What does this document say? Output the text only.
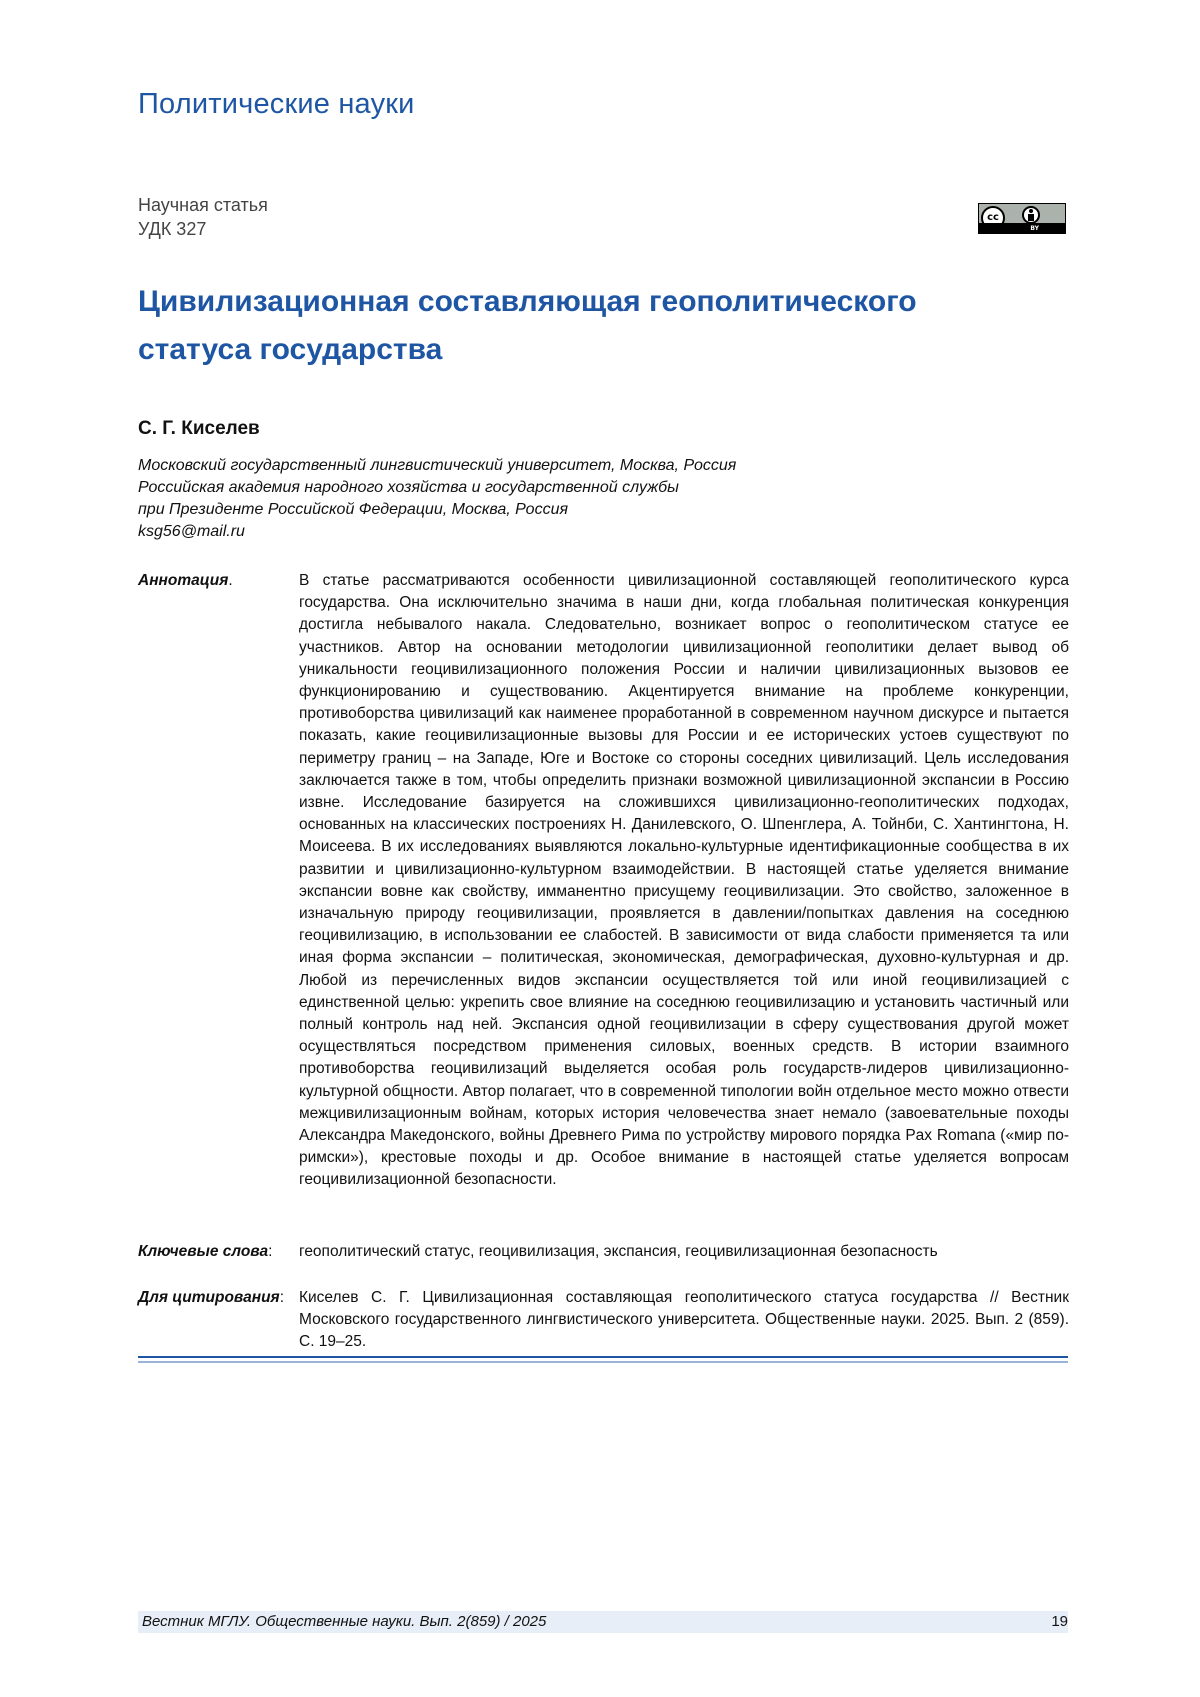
Политические науки
Научная статья
УДК 327
cc
BY
Цивилизационная составляющая геополитического статуса государства
С. Г. Киселев
Московский государственный лингвистический университет, Москва, Россия
Российская академия народного хозяйства и государственной службы
при Президенте Российской Федерации, Москва, Россия
ksg56@mail.ru
Аннотация.	В статье рассматриваются особенности цивилизационной составляющей геополитического курса государства. Она исключительно значима в наши дни, когда глобальная политическая конкуренция достигла небывалого накала. Следовательно, возникает вопрос о геополитическом статусе ее участников. Автор на основании методологии цивилизационной геополитики делает вывод об уникальности геоцивилизационного положения России и наличии цивилизационных вызовов ее функционированию и существованию. Акцентируется внимание на проблеме конкуренции, противоборства цивилизаций как наименее проработанной в современном научном дискурсе и пытается показать, какие геоцивилизационные вызовы для России и ее исторических устоев существуют по периметру границ – на Западе, Юге и Востоке со стороны соседних цивилизаций. Цель исследования заключается также в том, чтобы определить признаки возможной цивилизационной экспансии в Россию извне. Исследование базируется на сложившихся цивилизационно-геополитических подходах, основанных на классических построениях Н. Данилевского, О. Шпенглера, А. Тойнби, С. Хантингтона, Н. Моисеева. В их исследованиях выявляются локально-культурные идентификационные сообщества в их развитии и цивилизационно-культурном взаимодействии. В настоящей статье уделяется внимание экспансии вовне как свойству, имманентно присущему геоцивилизации. Это свойство, заложенное в изначальную природу геоцивилизации, проявляется в давлении/попытках давления на соседнюю геоцивилизацию, в использовании ее слабостей. В зависимости от вида слабости применяется та или иная форма экспансии – политическая, экономическая, демографическая, духовно-культурная и др. Любой из перечисленных видов экспансии осуществляется той или иной геоцивилизацией с единственной целью: укрепить свое влияние на соседнюю геоцивилизацию и установить частичный или полный контроль над ней. Экспансия одной геоцивилизации в сферу существования другой может осуществляться посредством применения силовых, военных средств. В истории взаимного противоборства геоцивилизаций выделяется особая роль государств-лидеров цивилизационно-культурной общности. Автор полагает, что в современной типологии войн отдельное место можно отвести межцивилизационным войнам, которых история человечества знает немало (завоевательные походы Александра Македонского, войны Древнего Рима по устройству мирового порядка Pax Romana («мир по-римски»), крестовые походы и др. Особое внимание в настоящей статье уделяется вопросам геоцивилизационной безопасности.
Ключевые слова: геополитический статус, геоцивилизация, экспансия, геоцивилизационная безопасность
Для цитирования: Киселев С. Г. Цивилизационная составляющая геополитического статуса государства // Вестник Московского государственного лингвистического университета. Общественные науки. 2025. Вып. 2 (859). С. 19–25.
Вестник МГЛУ. Общественные науки. Вып. 2(859) / 2025	19
